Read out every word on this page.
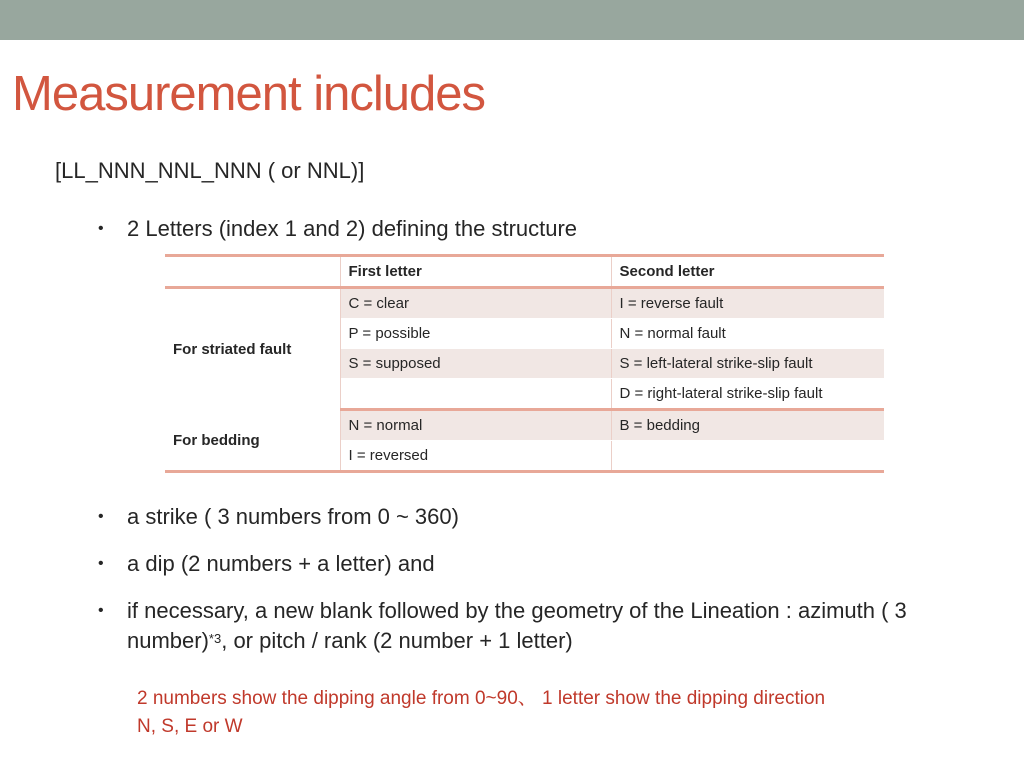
Measurement includes
[LL_NNN_NNL_NNN ( or NNL)]
• 2 Letters (index 1 and 2) defining the structure
	First letter	Second letter
For striated fault	C = clear	I = reverse fault
	P = possible	N = normal fault
	S = supposed	S = left-lateral strike-slip fault
		D = right-lateral strike-slip fault
For bedding	N = normal	B = bedding
	I = reversed	
• a strike ( 3 numbers from 0 ~ 360)
• a dip (2 numbers + a letter) and
• if necessary, a new blank followed by the geometry of the Lineation : azimuth ( 3 number)$^{*3}$, or pitch / rank (2 number + 1 letter)
2 numbers show the dipping angle from 0~90、 1 letter show the dipping direction
N, S, E or W
